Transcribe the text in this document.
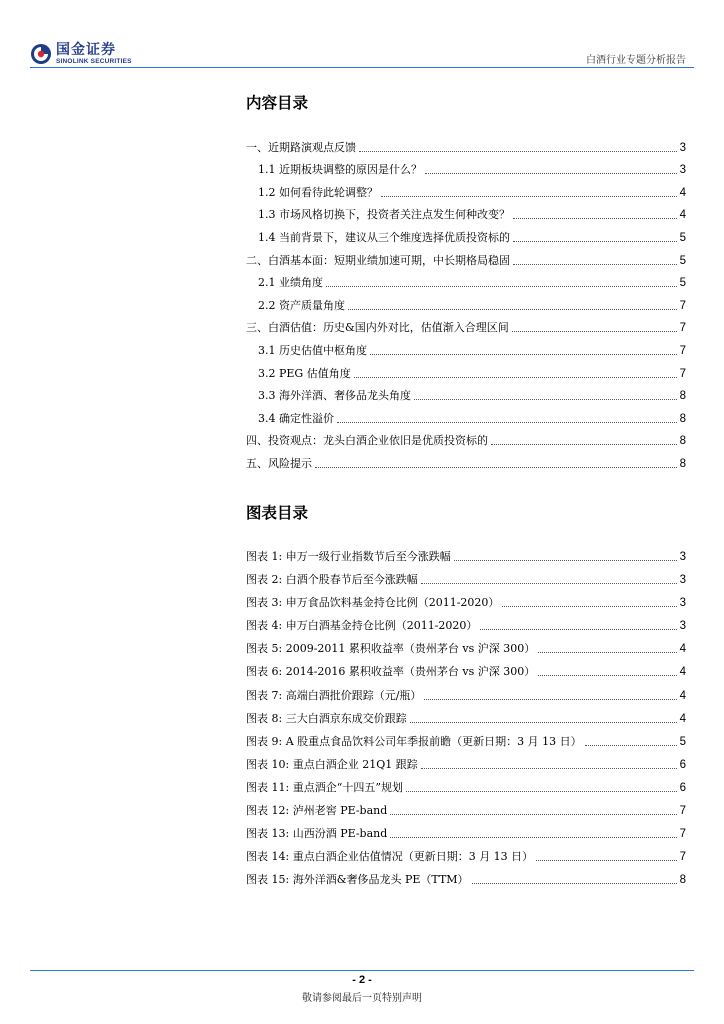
国金证券
SINOLINK SECURITIES	白酒行业专题分析报告
内容目录
一、近期路演观点反馈	3
1.1 近期板块调整的原因是什么？	3
1.2 如何看待此轮调整？	4
1.3 市场风格切换下，投资者关注点发生何种改变？	4
1.4 当前背景下，建议从三个维度选择优质投资标的	5
二、白酒基本面：短期业绩加速可期，中长期格局稳固	5
2.1 业绩角度	5
2.2 资产质量角度	7
三、白酒估值：历史&国内外对比，估值渐入合理区间	7
3.1 历史估值中枢角度	7
3.2 PEG 估值角度	7
3.3 海外洋酒、奢侈品龙头角度	8
3.4 确定性溢价	8
四、投资观点：龙头白酒企业依旧是优质投资标的	8
五、风险提示	8
图表目录
图表 1: 申万一级行业指数节后至今涨跌幅	3
图表 2: 白酒个股春节后至今涨跌幅	3
图表 3: 申万食品饮料基金持仓比例（2011-2020）	3
图表 4: 申万白酒基金持仓比例（2011-2020）	3
图表 5: 2009-2011 累积收益率（贵州茅台 vs 沪深 300）	4
图表 6: 2014-2016 累积收益率（贵州茅台 vs 沪深 300）	4
图表 7: 高端白酒批价跟踪（元/瓶）	4
图表 8: 三大白酒京东成交价跟踪	4
图表 9: A 股重点食品饮料公司年季报前瞻（更新日期：3 月 13 日）	5
图表 10: 重点白酒企业 21Q1 跟踪	6
图表 11: 重点酒企“十四五”规划	6
图表 12: 泸州老窖 PE-band	7
图表 13: 山西汾酒 PE-band	7
图表 14: 重点白酒企业估值情况（更新日期：3 月 13 日）	7
图表 15: 海外洋酒&奢侈品龙头 PE（TTM）	8
- 2 -
敬请参阅最后一页特别声明
